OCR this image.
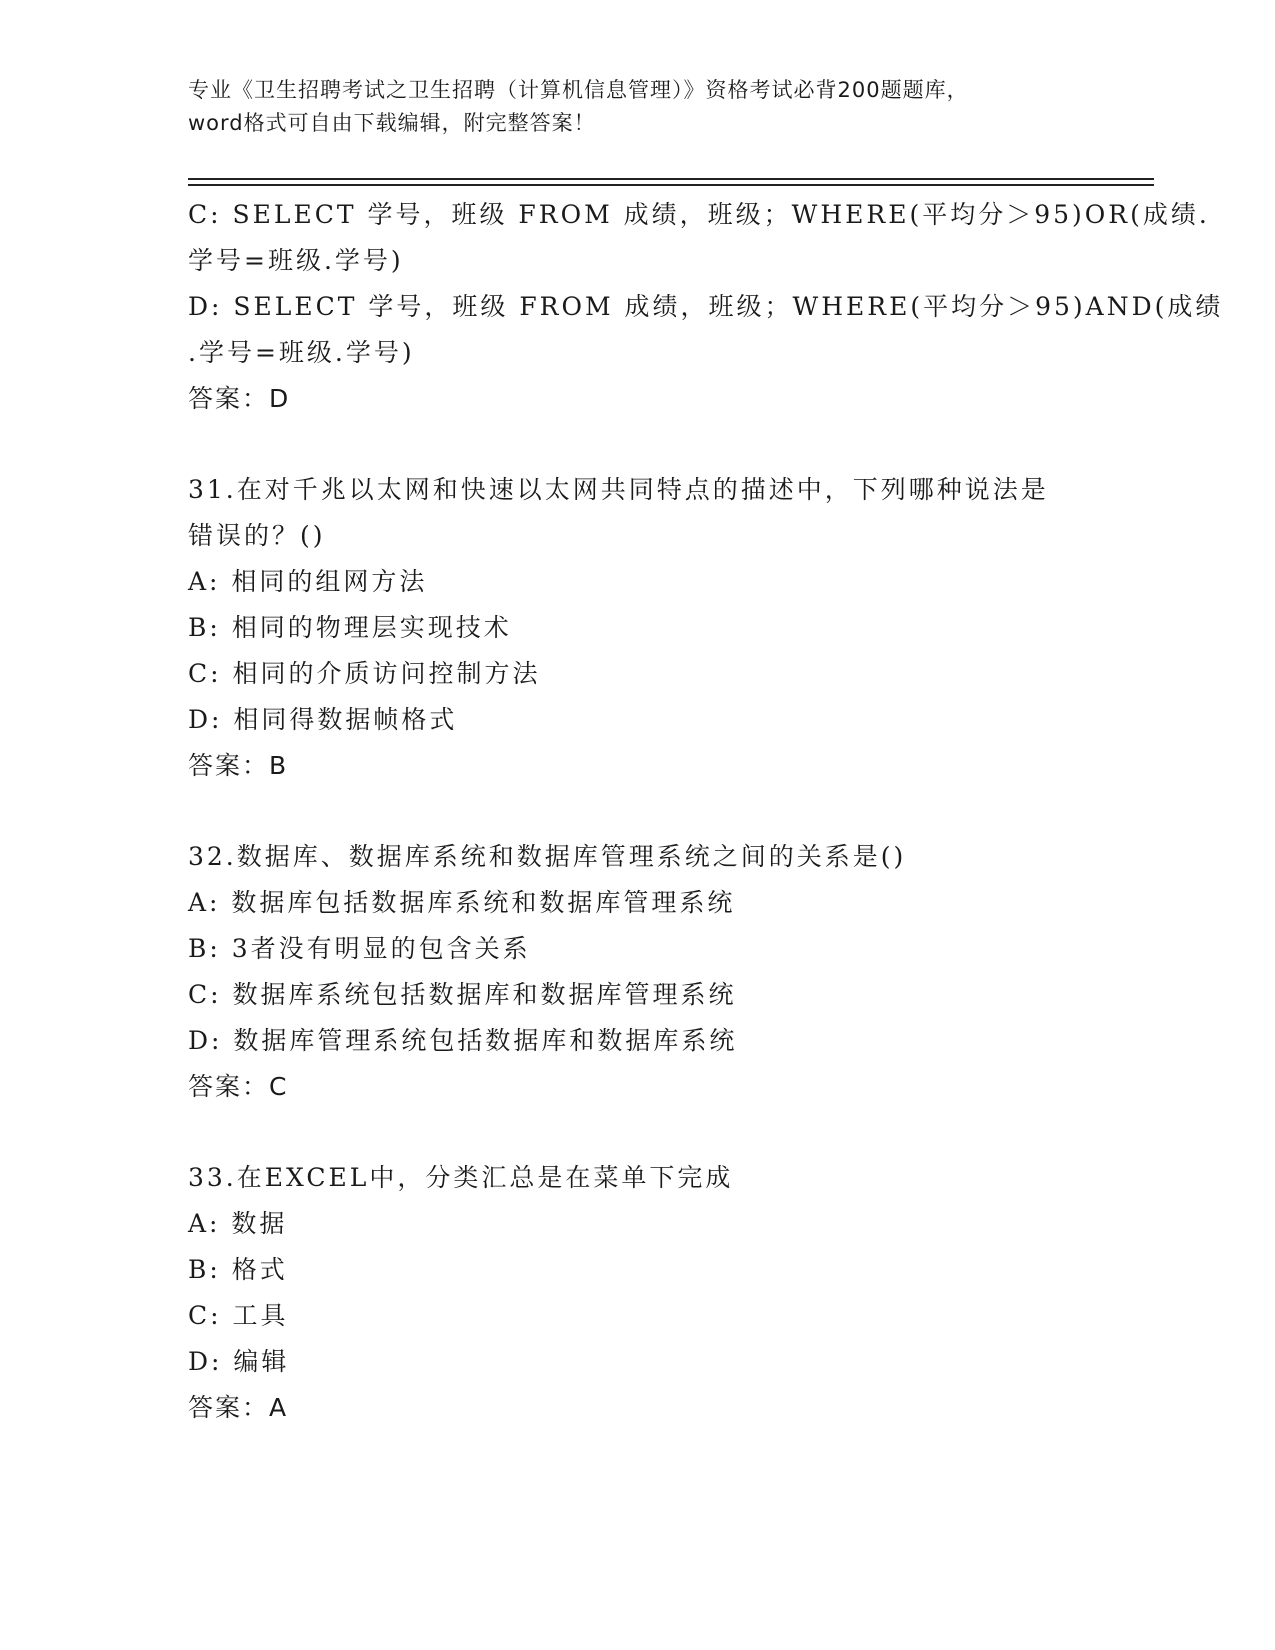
专业《卫生招聘考试之卫生招聘（计算机信息管理）》资格考试必背200题题库，
word格式可自由下载编辑，附完整答案！
C: SELECT 学号，班级 FROM 成绩，班级；WHERE(平均分＞95)OR(成绩.
学号=班级.学号)
D: SELECT 学号，班级 FROM 成绩，班级；WHERE(平均分＞95)AND(成绩
.学号=班级.学号)
答案：D
31.在对千兆以太网和快速以太网共同特点的描述中，下列哪种说法是
错误的？()
A: 相同的组网方法
B: 相同的物理层实现技术
C: 相同的介质访问控制方法
D: 相同得数据帧格式
答案：B
32.数据库、数据库系统和数据库管理系统之间的关系是()
A: 数据库包括数据库系统和数据库管理系统
B: 3者没有明显的包含关系
C: 数据库系统包括数据库和数据库管理系统
D: 数据库管理系统包括数据库和数据库系统
答案：C
33.在EXCEL中，分类汇总是在菜单下完成
A: 数据
B: 格式
C: 工具
D: 编辑
答案：A
